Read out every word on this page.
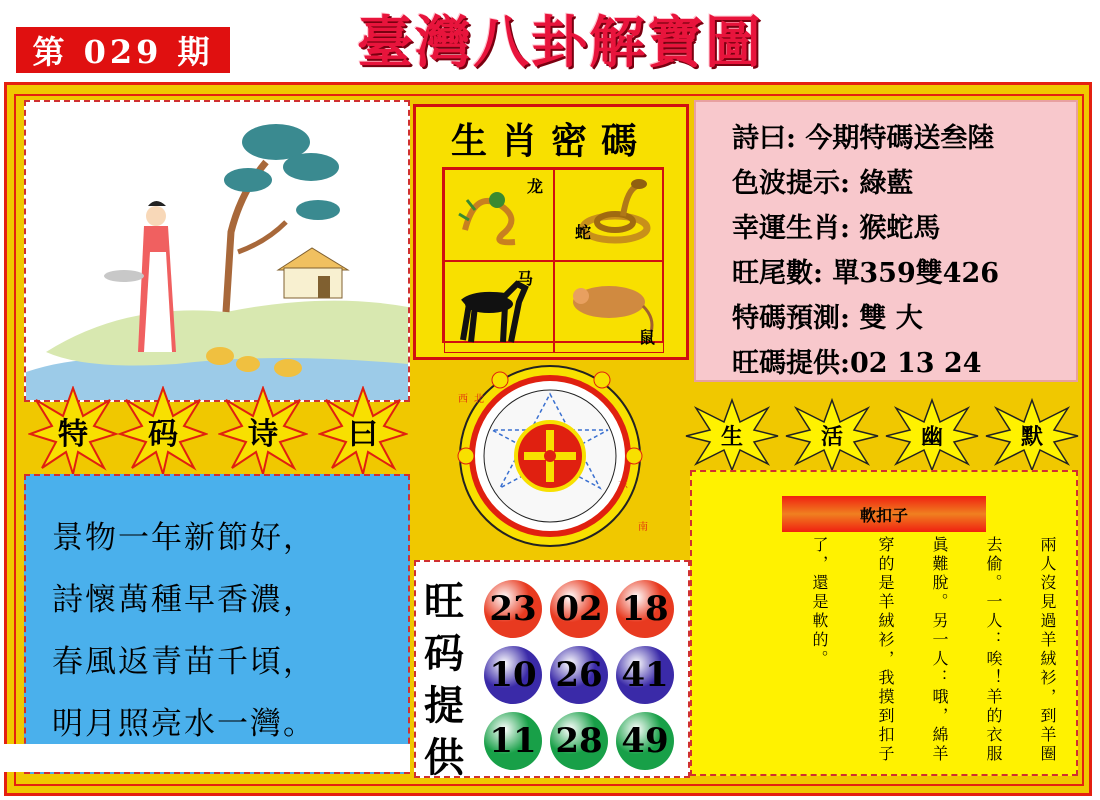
第 029 期	臺灣八卦解寶圖
生肖密碼
龙
蛇
马
鼠
詩曰: 今期特碼送叁陸
色波提示: 綠藍
幸運生肖: 猴蛇馬
旺尾數: 單359雙426
特碼預測: 雙 大
旺碼提供:02 13 24
特	码	诗	曰
景物一年新節好，
詩懷萬種早香濃，
春風返青苗千頃，
明月照亮水一灣。
西 北
东
南
生	活	幽	默
旺
码
提
供
23 02 18
10 26 41
11 28 49
軟扣子
兩人沒見過羊絨衫，到羊圈
去偷。一人：唉！羊的衣服
眞難脫。另一人：哦，綿羊
穿的是羊絨衫，我摸到扣子
了，還是軟的。
